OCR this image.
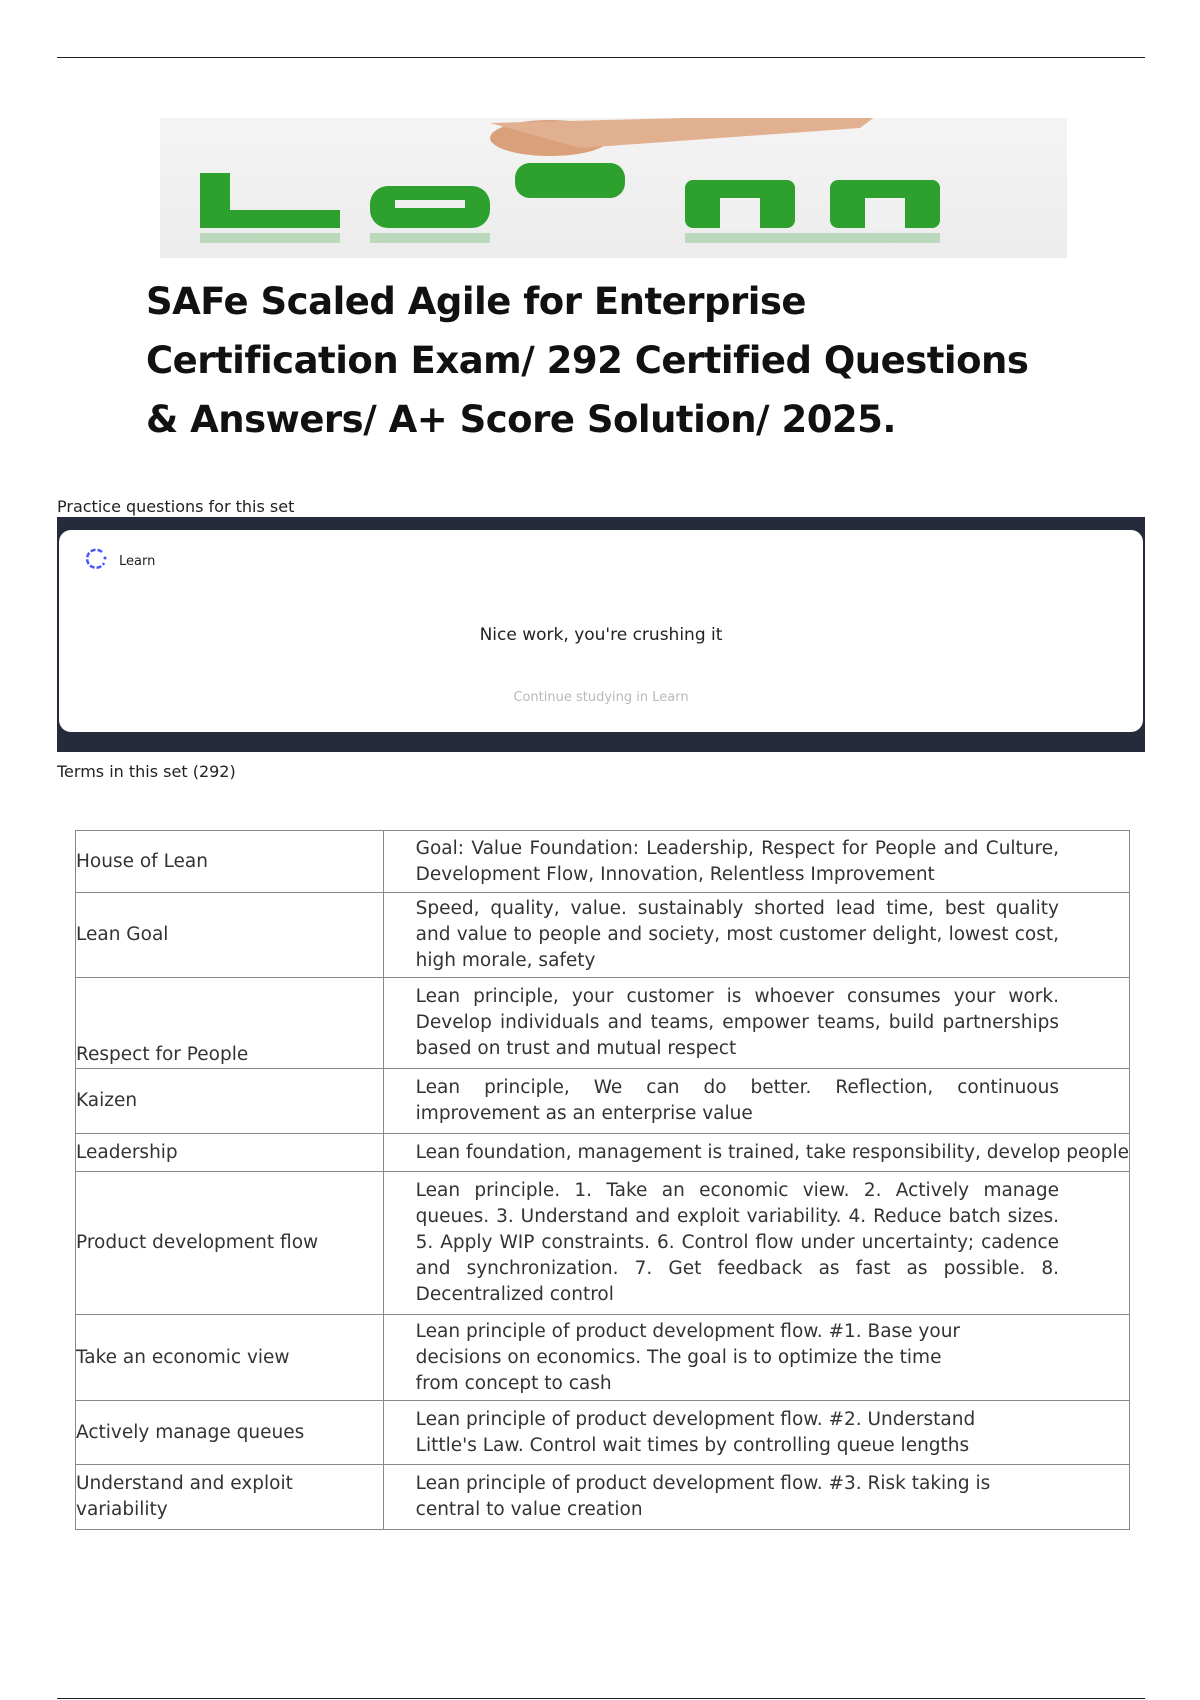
SAFe Scaled Agile for Enterprise Certification Exam/ 292 Certified Questions & Answers/ A+ Score Solution/ 2025.
Practice questions for this set
Learn
Nice work, you're crushing it
Continue studying in Learn
Terms in this set (292)
House of Lean	Goal: Value Foundation: Leadership, Respect for People and Culture, Development Flow, Innovation, Relentless Improvement
Lean Goal	Speed, quality, value. sustainably shorted lead time, best quality and value to people and society, most customer delight, lowest cost, high morale, safety
Respect for People	Lean principle, your customer is whoever consumes your work. Develop individuals and teams, empower teams, build partnerships based on trust and mutual respect
Kaizen	Lean principle, We can do better. Reflection, continuous improvement as an enterprise value
Leadership	Lean foundation, management is trained, take responsibility, develop people
Product development flow	Lean principle. 1. Take an economic view. 2. Actively manage queues. 3. Understand and exploit variability. 4. Reduce batch sizes. 5. Apply WIP constraints. 6. Control flow under uncertainty; cadence and synchronization. 7. Get feedback as fast as possible. 8. Decentralized control
Take an economic view	Lean principle of product development flow. #1. Base your decisions on economics. The goal is to optimize the time from concept to cash
Actively manage queues	Lean principle of product development flow. #2. Understand Little's Law. Control wait times by controlling queue lengths
Understand and exploit variability	Lean principle of product development flow. #3. Risk taking is central to value creation
